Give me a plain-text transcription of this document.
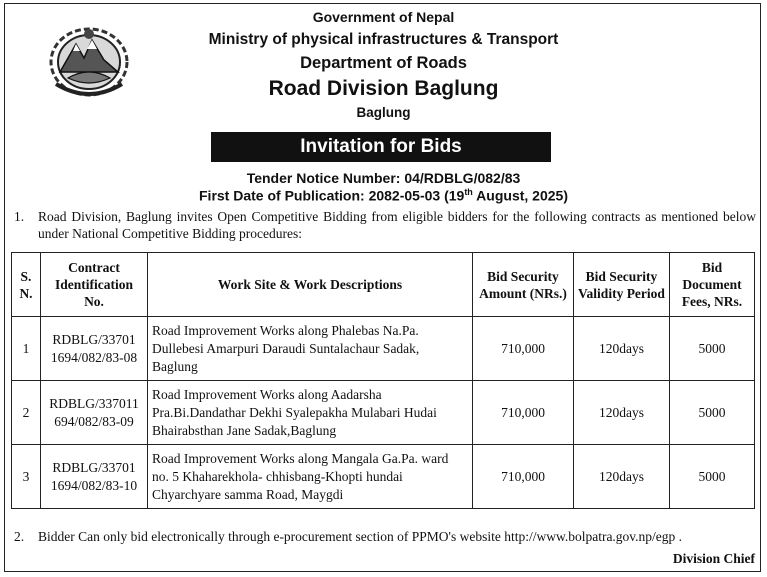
Government of Nepal
Ministry of physical infrastructures & Transport
Department of Roads
Road Division Baglung
Baglung
Invitation for Bids
Tender Notice Number: 04/RDBLG/082/83
First Date of Publication: 2082-05-03 (19th August, 2025)
1. Road Division, Baglung invites Open Competitive Bidding from eligible bidders for the following contracts as mentioned below under National Competitive Bidding procedures:
S. N.	Contract Identification No.	Work Site & Work Descriptions	Bid Security Amount (NRs.)	Bid Security Validity Period	Bid Document Fees, NRs.
1	RDBLG/33701 1694/082/83-08	Road Improvement Works along Phalebas Na.Pa. Dullebesi Amarpuri Daraudi Suntalachaur Sadak, Baglung	710,000	120days	5000
2	RDBLG/337011 694/082/83-09	Road Improvement Works along Aadarsha Pra.Bi.Dandathar Dekhi Syalepakha Mulabari Hudai Bhairabsthan Jane Sadak,Baglung	710,000	120days	5000
3	RDBLG/33701 1694/082/83-10	Road Improvement Works along Mangala Ga.Pa. ward no. 5 Khaharekhola- chhisbang-Khopti hundai Chyarchyare samma Road, Maygdi	710,000	120days	5000
2. Bidder Can only bid electronically through e-procurement section of PPMO's website http://www.bolpatra.gov.np/egp .
Division Chief
